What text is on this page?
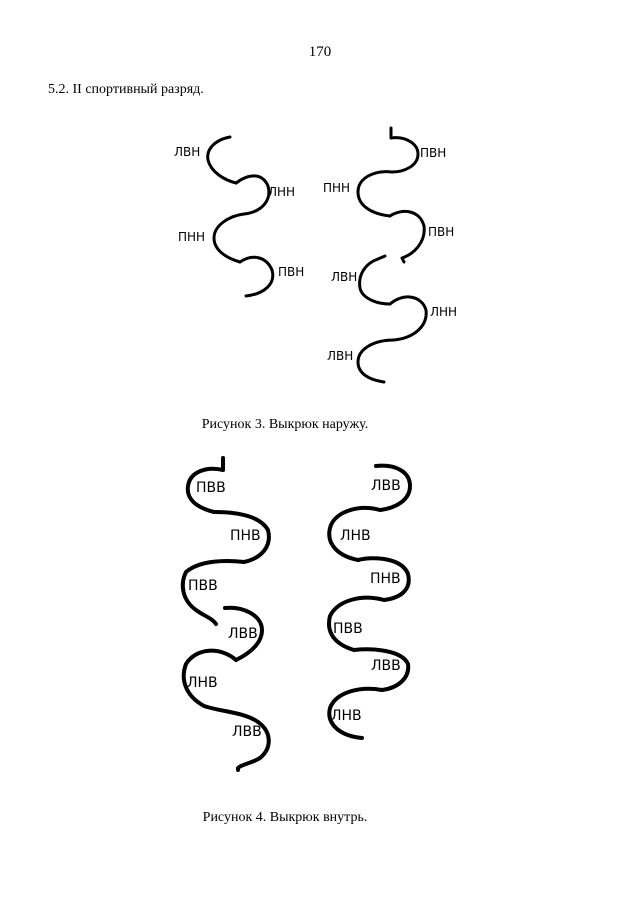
170
5.2. II спортивный разряд.
ЛВН
ЛНН
ПНН
ПВН
ПВН
ПНН
ПВН
ЛВН
ЛНН
ЛВН
ПВВ
ПНВ
ПВВ
ЛВВ
ЛНВ
ЛВВ
ЛВВ
ЛНВ
ПНВ
ПВВ
ЛВВ
ЛНВ
Рисунок 3. Выкрюк наружу.
Рисунок 4. Выкрюк внутрь.
